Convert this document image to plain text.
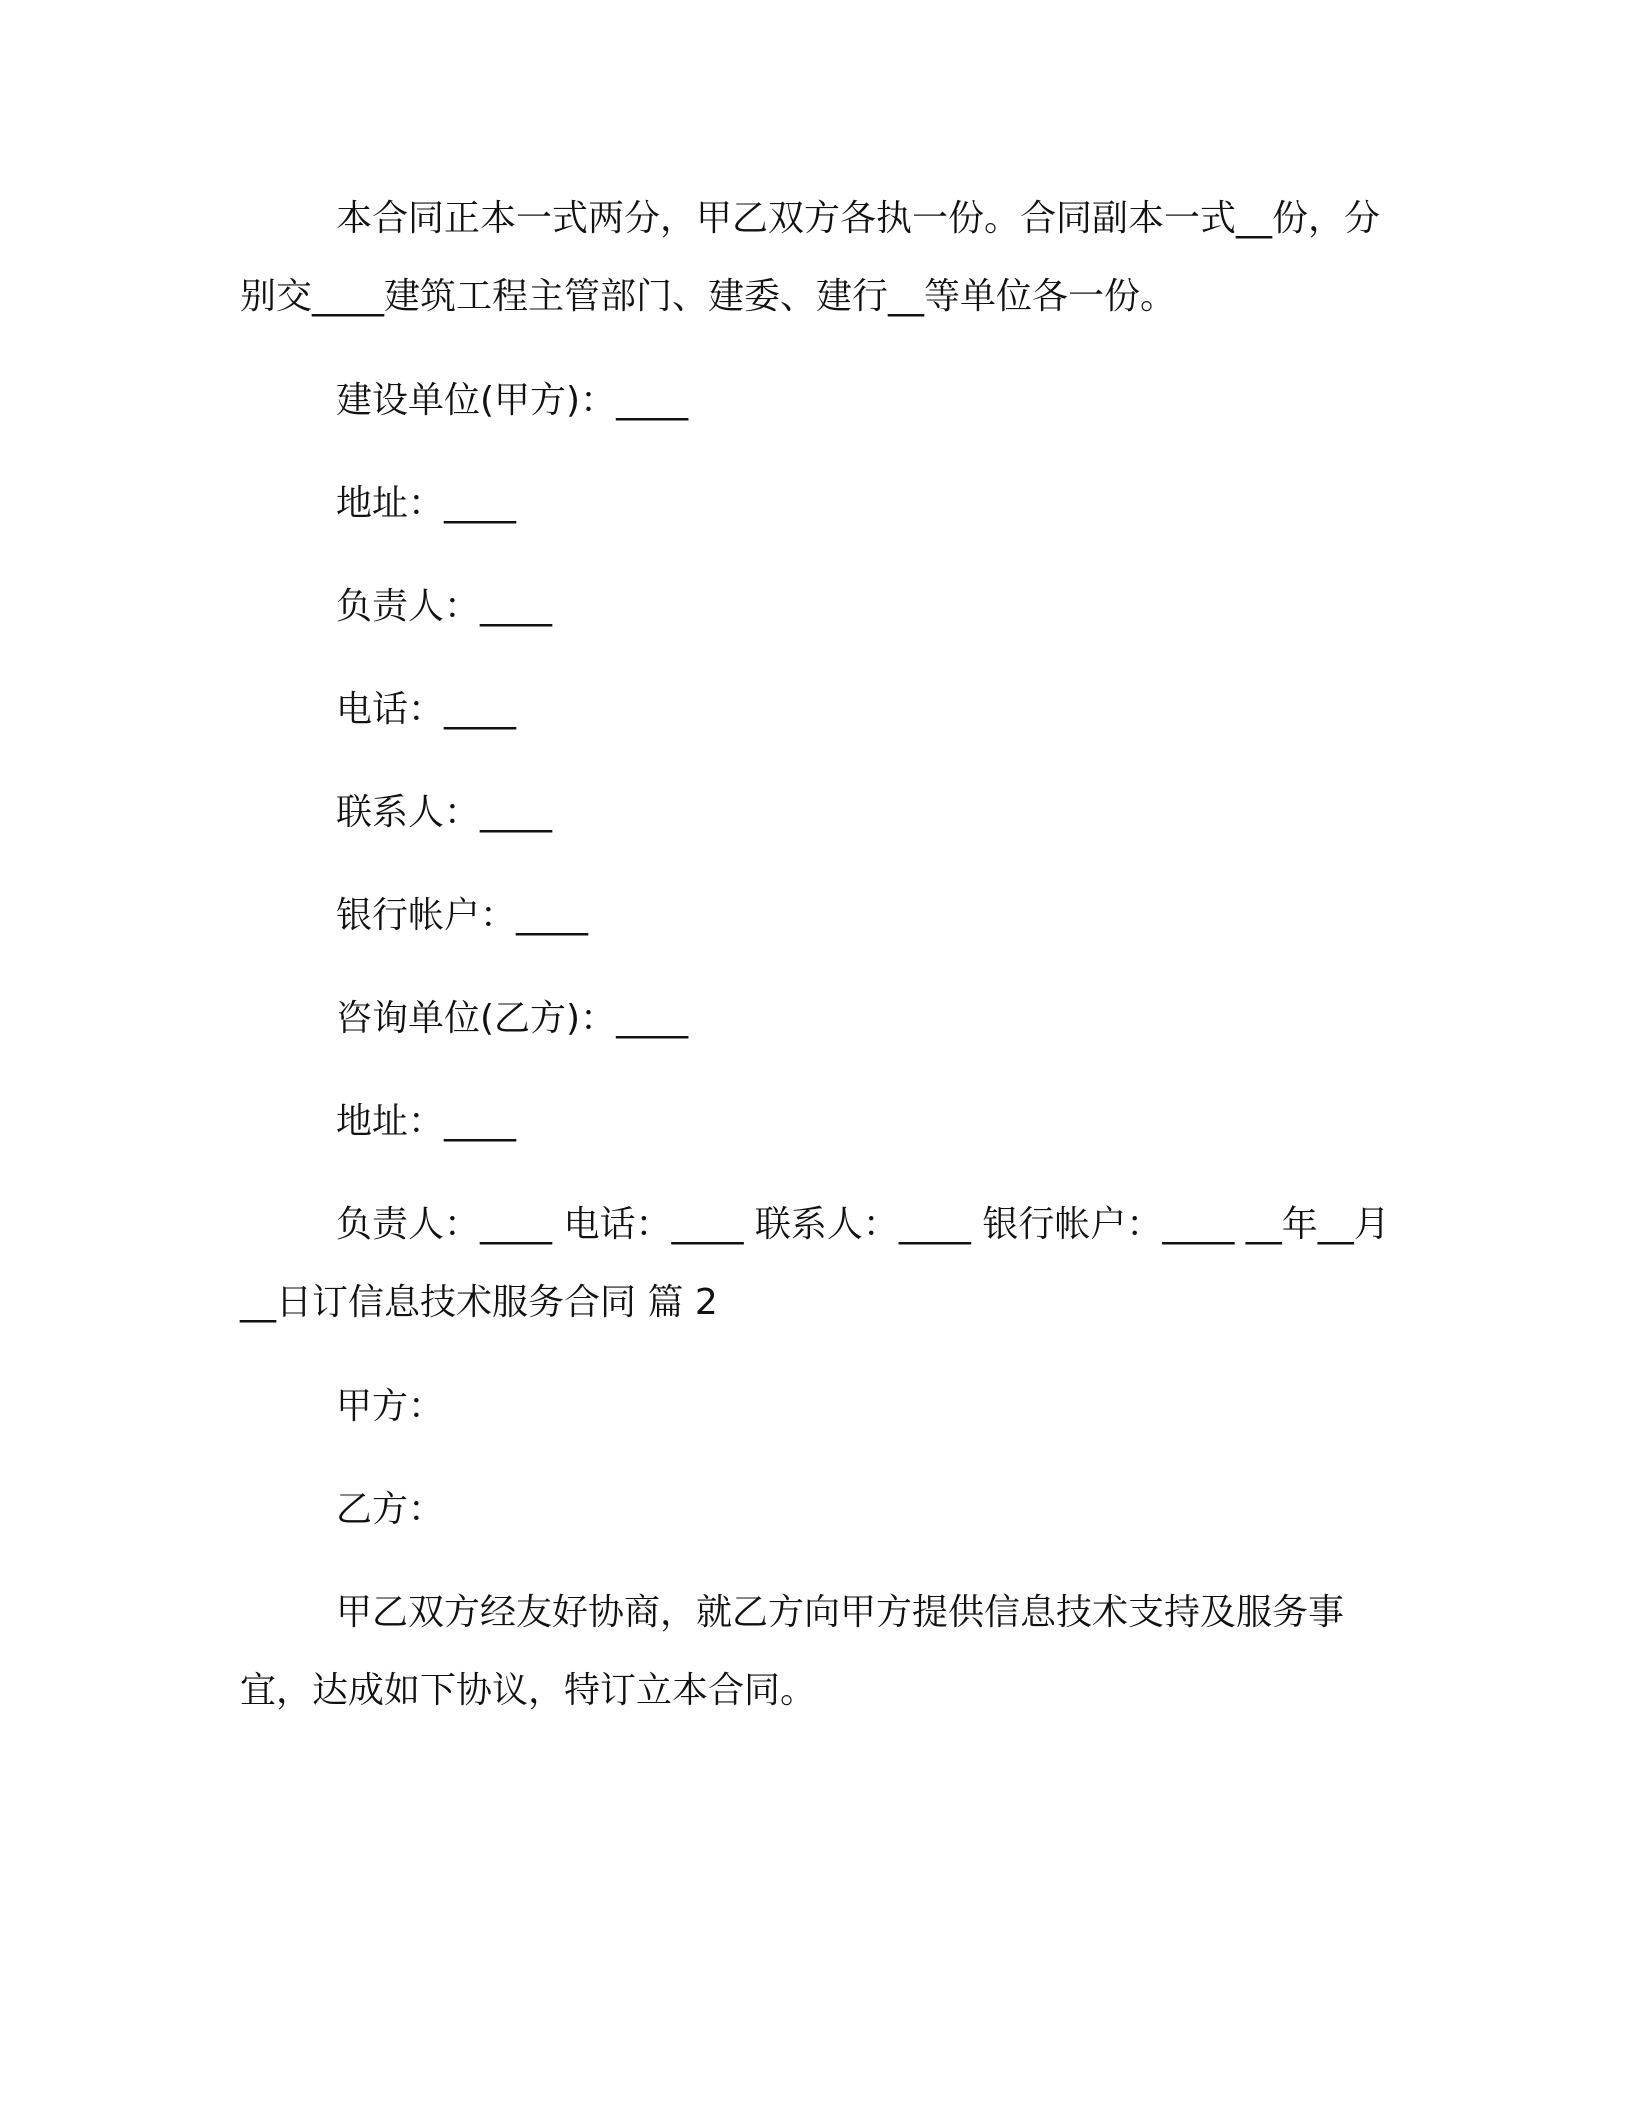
本合同正本一式两分，甲乙双方各执一份。合同副本一式__份，分别交____建筑工程主管部门、建委、建行__等单位各一份。

建设单位(甲方)：____

地址：____

负责人：____

电话：____

联系人：____

银行帐户：____

咨询单位(乙方)：____

地址：____

负责人：____ 电话：____ 联系人：____ 银行帐户：____ __年__月__日订信息技术服务合同 篇 2

甲方：

乙方：

甲乙双方经友好协商，就乙方向甲方提供信息技术支持及服务事宜，达成如下协议，特订立本合同。
